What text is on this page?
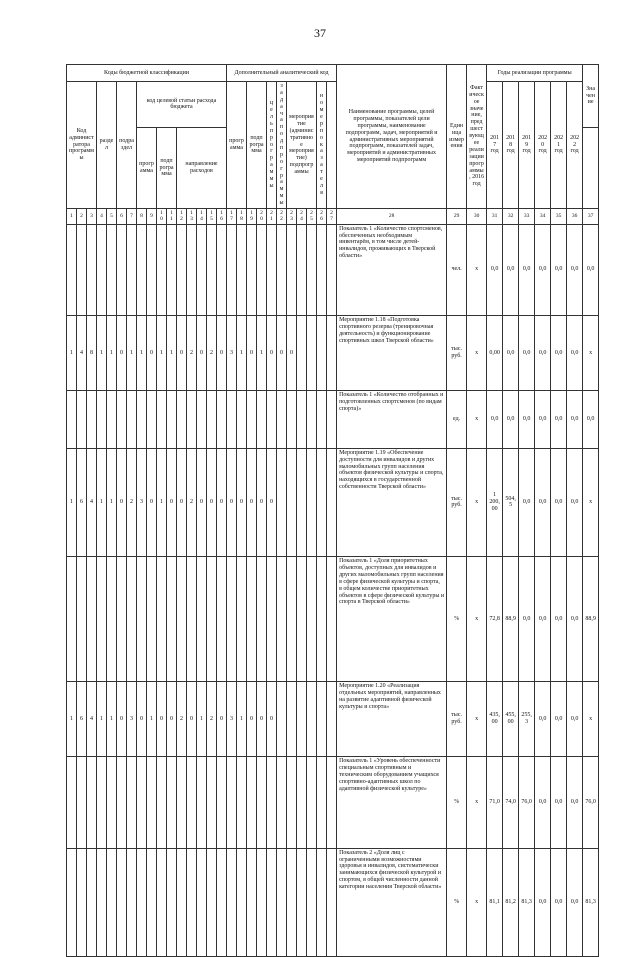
37
Коды бюджетной классификации																Дополнительный аналитический код											Наименование программы, целей программы, показателей цели программы, наименование подпрограмм, задач, мероприятий и административных мероприятий подпрограмм, показателей задач, мероприятий и административных мероприятий подпрограмм	Единица измерения	Фактическое значение, предшествующее реализации программы, 2016 год	Годы реализации программы						Значение
Код администратора программы			раздел		подраздел		код целевой статьи расхода бюджета									программа		подпрограмма		цель программы	задача подпрограммы	мероприятие (административное мероприятие) подпрограммы			номер показателя					2017 год	2018 год	2019 год	2020 год	2021 год	2022 год	
							программа		подпрограмма		направление расходов																									
1	2	3	4	5	6	7	8	9	10	11	12	13	14	15	16	17	18	19	20	21	22	23	24	25	26	27	28	29	30	31	32	33	34	35	36	37
																											Показатель 1 «Количество спортсменов, обеспеченных необходимым инвентарём, в том числе детей-инвалидов, проживающих в Тверской области»	чел.	х	0,0	0,0	0,0	0,0	0,0	0,0	0,0
1	4	8	1	1	0	1	1	0	1	1	0	2	0	2	0	3	1	0	1	0	0	0					Мероприятие 1.18 «Подготовка спортивного резерва (тренировочная деятельность) и функционирование спортивных школ Тверской области»	тыс. руб.	х	0,00	0,0	0,0	0,0	0,0	0,0	х
																											Показатель 1 «Количество отобранных и подготовленных спортсменов (по видам спорта)»	ед.	х	0,0	0,0	0,0	0,0	0,0	0,0	0,0
1	6	4	1	1	0	2	3	0	1	0	0	2	0	0	0	0	0	0	0	0							Мероприятие 1.19 «Обеспечение доступности для инвалидов и других маломобильных групп населения объектов физической культуры и спорта, находящихся в государственной собственности Тверской области»	тыс. руб.	х	1 200,00	504,5	0,0	0,0	0,0	0,0	х
																											Показатель 1 «Доля приоритетных объектов, доступных для инвалидов и других маломобильных групп населения в сфере физической культуры и спорта, в общем количестве приоритетных объектов в сфере физической культуры и спорта в Тверской области»	%	х	72,8	88,9	0,0	0,0	0,0	0,0	88,9
1	6	4	1	1	0	3	0	1	0	0	2	0	1	2	0	3	1	0	0	0							Мероприятие 1.20 «Реализация отдельных мероприятий, направленных на развитие адаптивной физической культуры и спорта»	тыс. руб.	х	435,00	455,00	255,3	0,0	0,0	0,0	х
																											Показатель 1 «Уровень обеспеченности специальным спортивным и техническим оборудованием учащихся спортивно-адаптивных школ по адаптивной физической культуре»	%	х	71,0	74,0	76,0	0,0	0,0	0,0	76,0
																											Показатель 2 «Доля лиц с ограниченными возможностями здоровья и инвалидов, систематически занимающихся физической культурой и спортом, в общей численности данной категории населения Тверской области»	%	х	81,1	81,2	81,3	0,0	0,0	0,0	81,3
